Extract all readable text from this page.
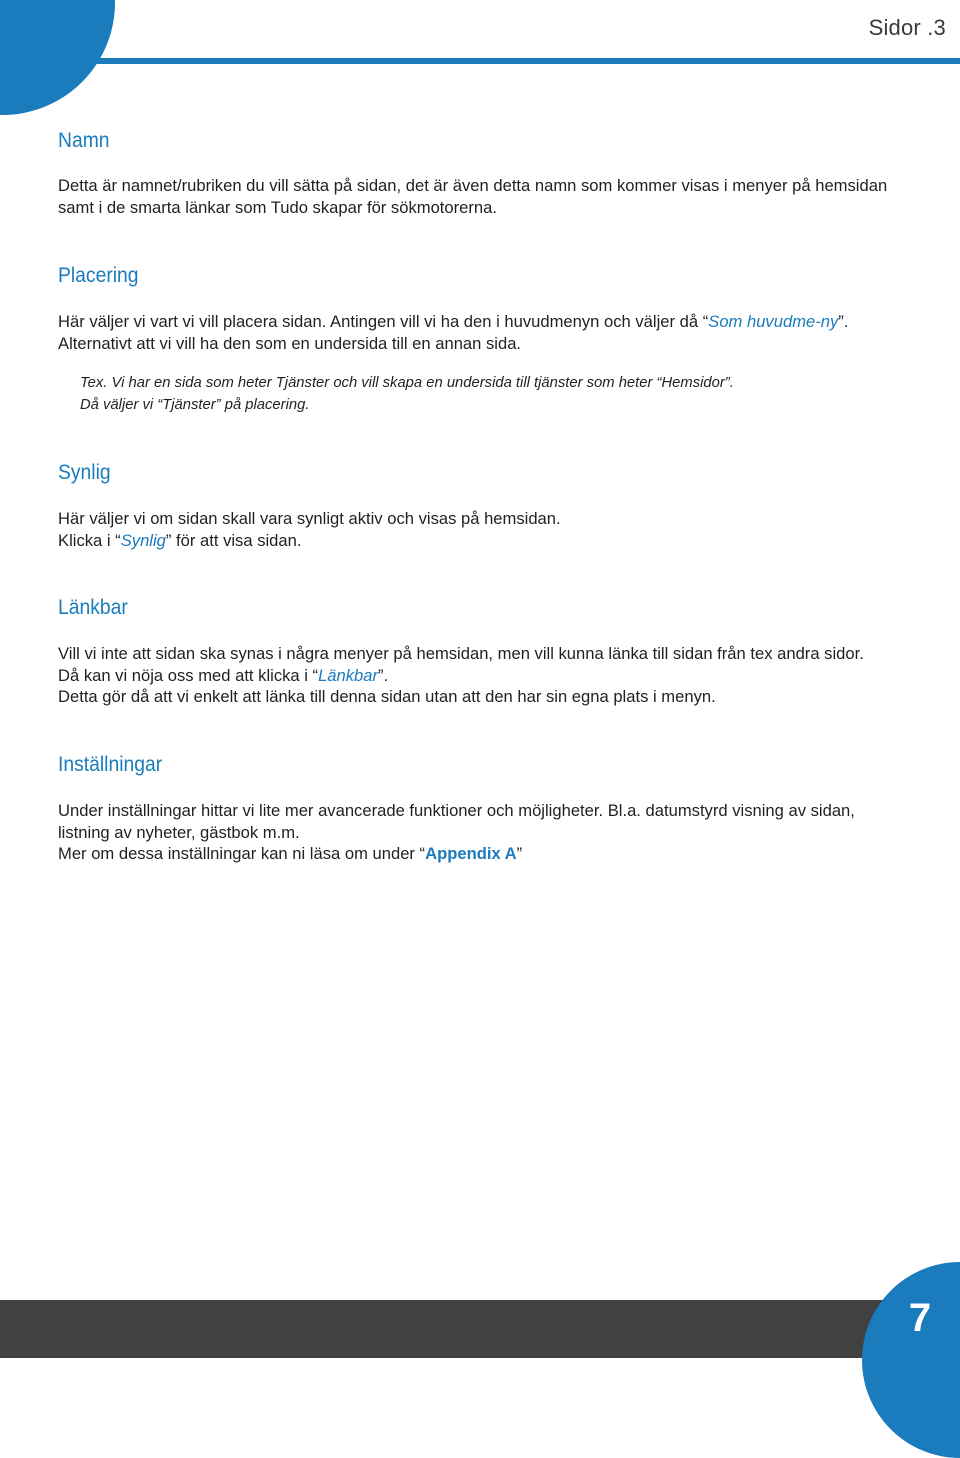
Sidor .3
Namn

Detta är namnet/rubriken du vill sätta på sidan, det är även detta namn som kommer visas i menyer på hemsidan samt i de smarta länkar som Tudo skapar för sökmotorerna.

Placering

Här väljer vi vart vi vill placera sidan. Antingen vill vi ha den i huvudmenyn och väljer då “Som huvudme-ny”. Alternativt att vi vill ha den som en undersida till en annan sida.

Tex. Vi har en sida som heter Tjänster och vill skapa en undersida till tjänster som heter “Hemsidor”.
Då väljer vi “Tjänster” på placering.

Synlig

Här väljer vi om sidan skall vara synligt aktiv och visas på hemsidan.
Klicka i “Synlig” för att visa sidan.

Länkbar

Vill vi inte att sidan ska synas i några menyer på hemsidan, men vill kunna länka till sidan från tex andra sidor. Då kan vi nöja oss med att klicka i “Länkbar”.
Detta gör då att vi enkelt att länka till denna sidan utan att den har sin egna plats i menyn.

Inställningar

Under inställningar hittar vi lite mer avancerade funktioner och möjligheter. Bl.a. datumstyrd visning av sidan, listning av nyheter, gästbok m.m.
Mer om dessa inställningar kan ni läsa om under “Appendix A”

7
